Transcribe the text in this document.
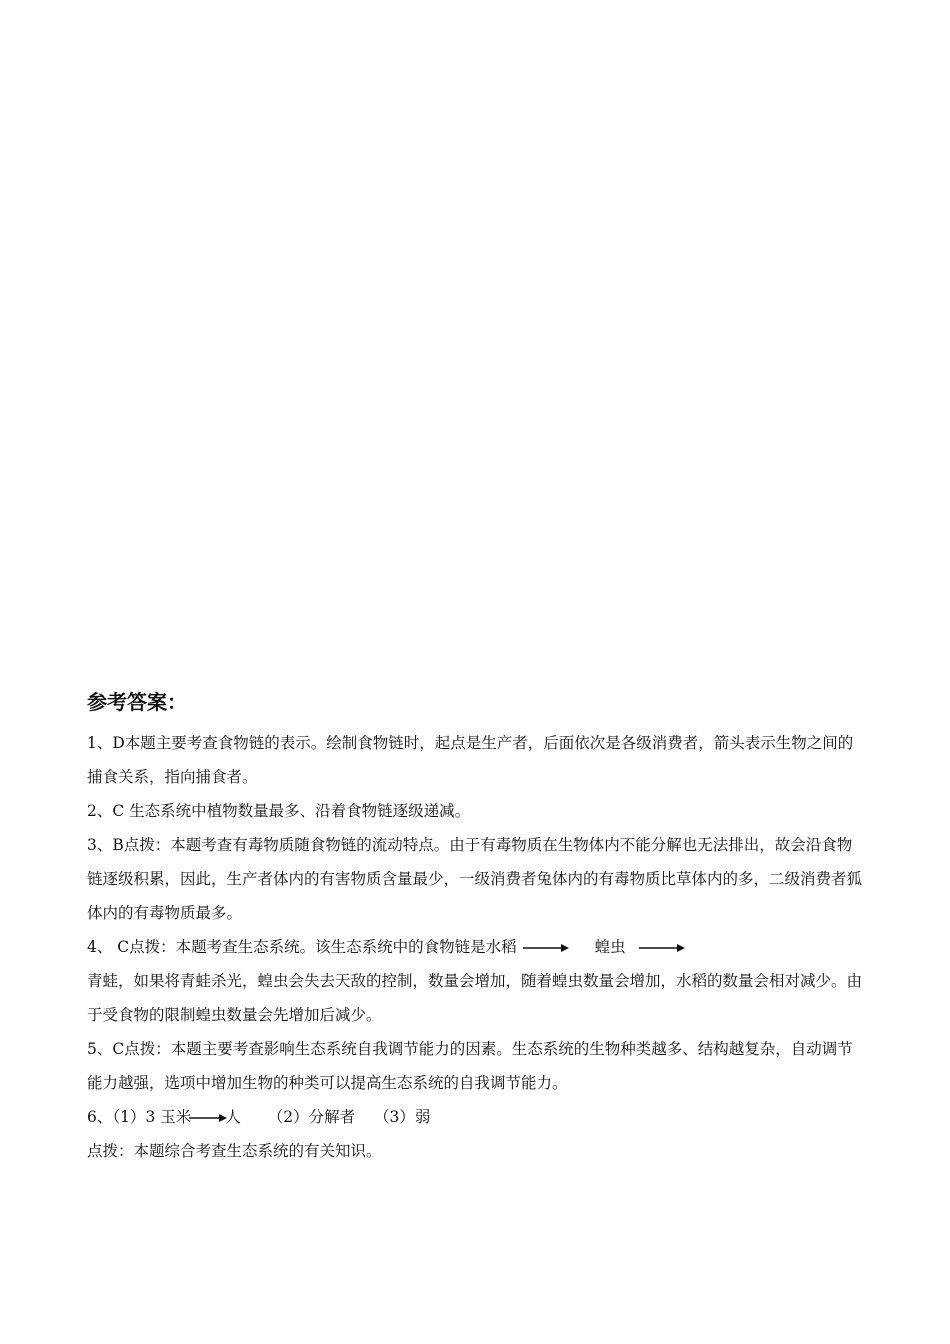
参考答案：

1、D本题主要考查食物链的表示。绘制食物链时，起点是生产者，后面依次是各级消费者，箭头表示生物之间的捕食关系，指向捕食者。

2、C 生态系统中植物数量最多、沿着食物链逐级递减。

3、B点拨：本题考查有毒物质随食物链的流动特点。由于有毒物质在生物体内不能分解也无法排出，故会沿食物链逐级积累，因此，生产者体内的有害物质含量最少，一级消费者兔体内的有毒物质比草体内的多，二级消费者狐体内的有毒物质最多。

4、 C点拨：本题考查生态系统。该生态系统中的食物链是水稻	蝗虫
青蛙，如果将青蛙杀光，蝗虫会失去天敌的控制，数量会增加，随着蝗虫数量会增加，水稻的数量会相对减少。由于受食物的限制蝗虫数量会先增加后减少。

5、C点拨：本题主要考查影响生态系统自我调节能力的因素。生态系统的生物种类越多、结构越复杂，自动调节能力越强，选项中增加生物的种类可以提高生态系统的自我调节能力。

6、（1）3 玉米 人 （2）分解者 （3）弱

点拨：本题综合考查生态系统的有关知识。
